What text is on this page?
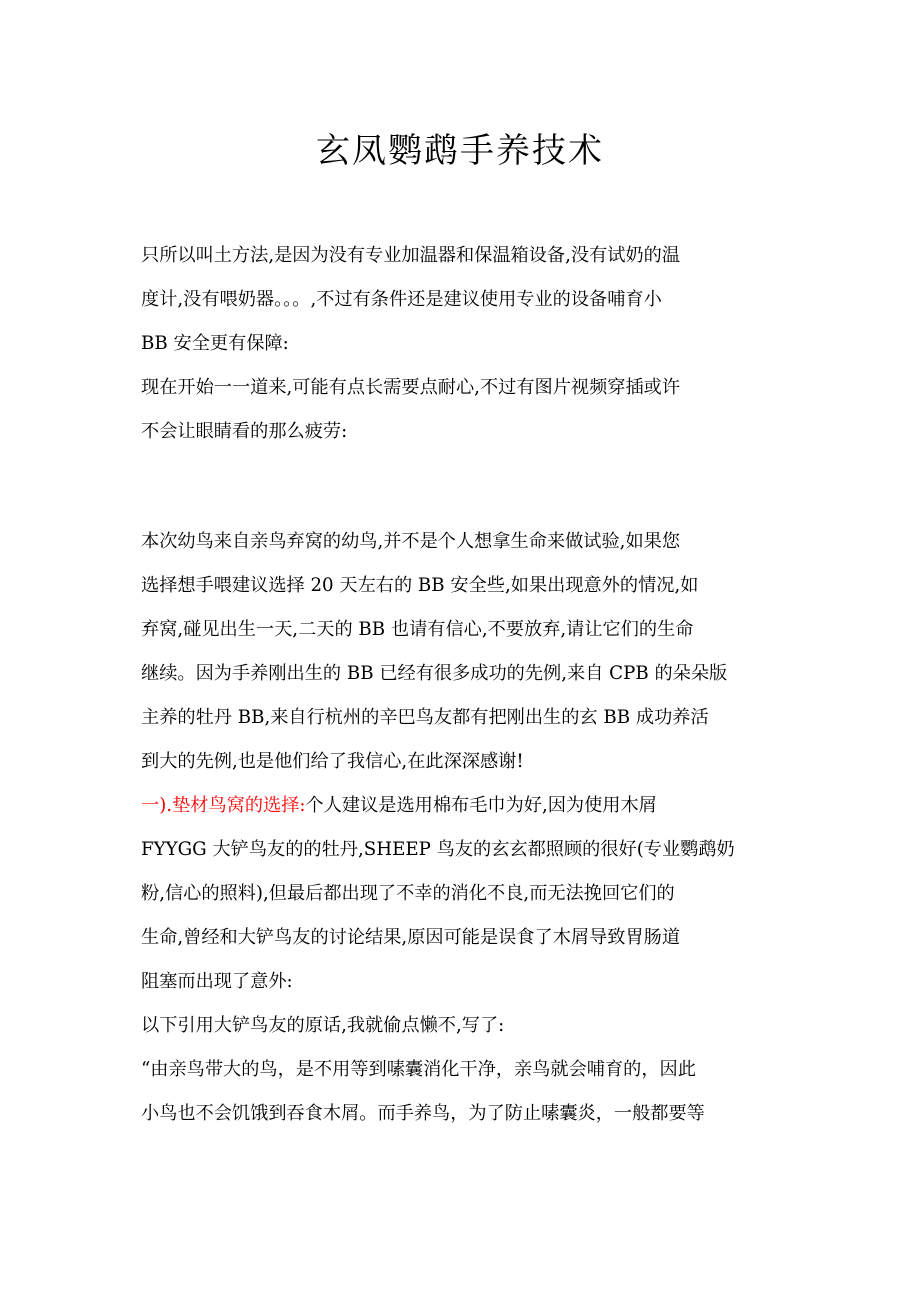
玄凤鹦鹉手养技术
只所以叫土方法,是因为没有专业加温器和保温箱设备,没有试奶的温
度计,没有喂奶器。。。,不过有条件还是建议使用专业的设备哺育小
BB 安全更有保障:
现在开始一一道来,可能有点长需要点耐心,不过有图片视频穿插或许
不会让眼睛看的那么疲劳:
本次幼鸟来自亲鸟弃窝的幼鸟,并不是个人想拿生命来做试验,如果您
选择想手喂建议选择 20 天左右的 BB 安全些,如果出现意外的情况,如
弃窝,碰见出生一天,二天的 BB 也请有信心,不要放弃,请让它们的生命
继续。因为手养刚出生的 BB 已经有很多成功的先例,来自 CPB 的朵朵版
主养的牡丹 BB,来自行杭州的辛巴鸟友都有把刚出生的玄 BB 成功养活
到大的先例,也是他们给了我信心,在此深深感谢!
一).垫材鸟窝的选择:个人建议是选用棉布毛巾为好,因为使用木屑
FYYGG 大铲鸟友的的牡丹,SHEEP 鸟友的玄玄都照顾的很好(专业鹦鹉奶
粉,信心的照料),但最后都出现了不幸的消化不良,而无法挽回它们的
生命,曾经和大铲鸟友的讨论结果,原因可能是误食了木屑导致胃肠道
阻塞而出现了意外:
以下引用大铲鸟友的原话,我就偷点懒不,写了:
“由亲鸟带大的鸟，是不用等到嗉囊消化干净，亲鸟就会哺育的，因此
小鸟也不会饥饿到吞食木屑。而手养鸟，为了防止嗉囊炎，一般都要等
